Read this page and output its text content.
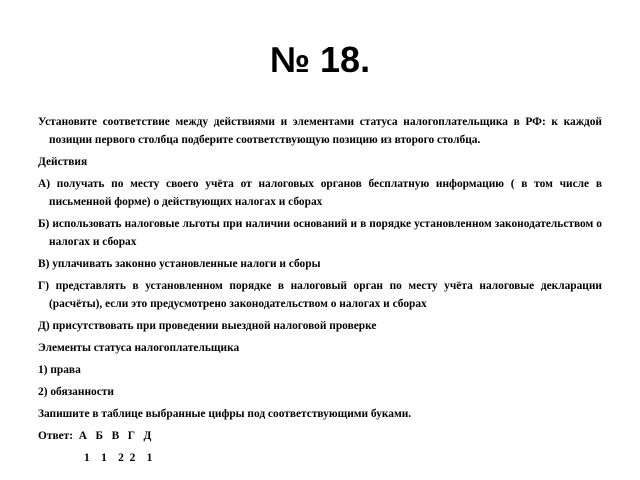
№ 18.

Установите соответствие между действиями и элементами статуса налогоплательщика в РФ: к каждой позиции первого столбца подберите соответствующую позицию из второго столбца.

Действия

А) получать по месту своего учёта от налоговых органов бесплатную информацию ( в том числе в письменной форме) о действующих налогах и сборах

Б) использовать налоговые льготы при наличии оснований и в порядке установленном законодательством о налогах и сборах

В) уплачивать законно установленные налоги и сборы

Г) представлять в установленном порядке в налоговый орган по месту учёта налоговые декларации (расчёты), если это предусмотрено законодательством о налогах и сборах

Д) присутствовать при проведении выездной налоговой проверке

Элементы статуса налогоплательщика

1) права

2) обязанности

Запишите в таблице выбранные цифры под соответствующими буками.

Ответ:  А   Б   В   Г   Д

1    1    2  2    1
